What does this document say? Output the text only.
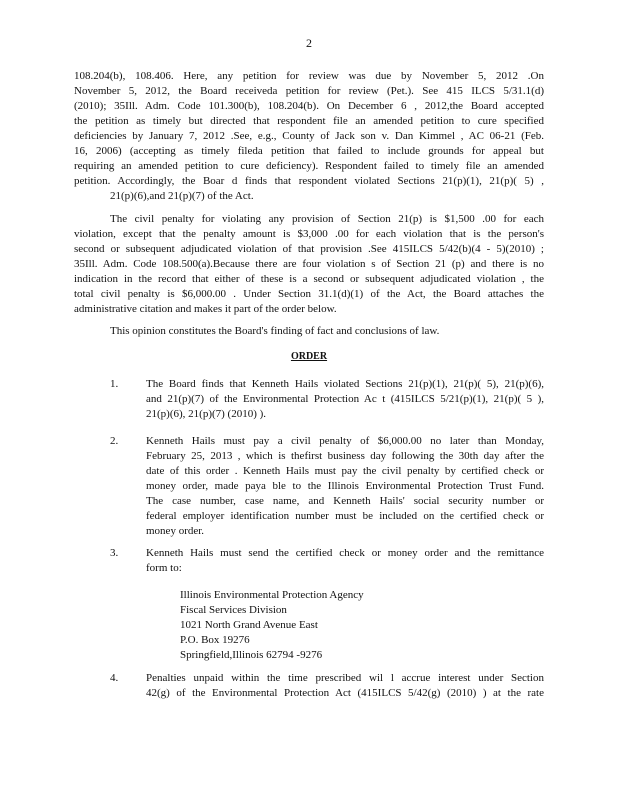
2
108.204(b), 108.406. Here, any petition for review was due by November 5, 2012 .On
November 5, 2012, the Board receiveda petition for review (Pet.). See 415 ILCS 5/31.1(d)
(2010); 35Ill. Adm. Code 101.300(b), 108.204(b). On December 6 , 2012,the Board accepted
the petition as timely but directed that respondent file an amended petition to cure specified
deficiencies by January 7, 2012 .See, e.g., County of Jack son v. Dan Kimmel , AC 06-21 (Feb.
16, 2006) (accepting as timely fileda petition that failed to include grounds for appeal but
requiring an amended petition to cure deficiency). Respondent failed to timely file an amended
petition. Accordingly, the Boar d finds that respondent violated Sections 21(p)(1), 21(p)( 5) ,
21(p)(6),and 21(p)(7) of the Act.
The civil penalty for violating any provision of Section 21(p) is $1,500 .00 for each
violation, except that the penalty amount is $3,000 .00 for each violation that is the person's
second or subsequent adjudicated violation of that provision .See 415ILCS 5/42(b)(4 - 5)(2010) ;
35Ill. Adm. Code 108.500(a).Because there are four violation s of Section 21 (p) and there is no
indication in the record that either of these is a second or subsequent adjudicated violation , the
total civil penalty is $6,000.00 . Under Section 31.1(d)(1) of the Act, the Board attaches the
administrative citation and makes it part of the order below.
This opinion constitutes the Board's finding of fact and conclusions of law.
ORDER
1.	The Board finds that Kenneth Hails violated Sections 21(p)(1), 21(p)( 5), 21(p)(6),
and 21(p)(7) of the Environmental Protection Ac t (415ILCS 5/21(p)(1), 21(p)( 5 ),
21(p)(6), 21(p)(7) (2010) ).
2.	Kenneth Hails must pay a civil penalty of $6,000.00 no later than Monday,
February 25, 2013 , which is thefirst business day following the 30th day after the
date of this order . Kenneth Hails must pay the civil penalty by certified check or
money order, made paya ble to the Illinois Environmental Protection Trust Fund.
The case number, case name, and Kenneth Hails' social security number or
federal employer identification number must be included on the certified check or
money order.
3.	Kenneth Hails must send the certified check or money order and the remittance
form to:
Illinois Environmental Protection Agency
Fiscal Services Division
1021 North Grand Avenue East
P.O. Box 19276
Springfield,Illinois 62794 -9276
4.	Penalties unpaid within the time prescribed wil l accrue interest under Section
42(g) of the Environmental Protection Act (415ILCS 5/42(g) (2010) ) at the rate
